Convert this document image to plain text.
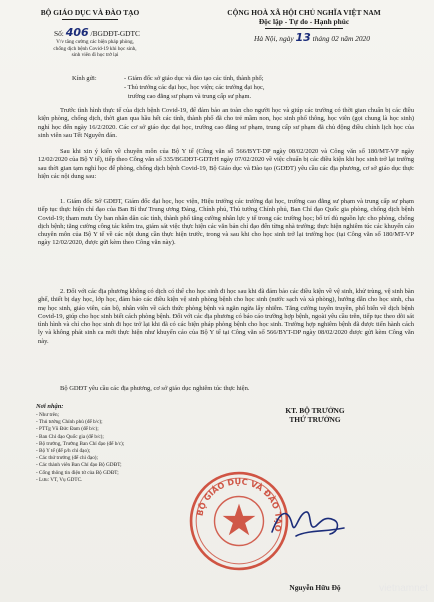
BỘ GIÁO DỤC VÀ ĐÀO TẠO
Số: 406 /BGDĐT-GDTC
V/v tăng cường các biện pháp phòng,
chống dịch bệnh Covid-19 khi học sinh,
sinh viên đi học trở lại
CỘNG HOÀ XÃ HỘI CHỦ NGHĨA VIỆT NAM
Độc lập - Tự do - Hạnh phúc
Hà Nội, ngày 13 tháng 02 năm 2020
Kính gửi:	- Giám đốc sở giáo dục và đào tạo các tỉnh, thành phố;
- Thủ trưởng các đại học, học viện; các trường đại học,
trường cao đẳng sư phạm và trung cấp sư phạm.

Trước tình hình thực tế của dịch bệnh Covid-19, để đảm bảo an toàn cho người học và giúp các trường có thời gian chuẩn bị các điều kiện phòng, chống dịch, thời gian qua hầu hết các tỉnh, thành phố đã cho trẻ mầm non, học sinh phổ thông, học viên (gọi chung là học sinh) nghỉ học đến ngày 16/2/2020. Các cơ sở giáo dục đại học, trường cao đẳng sư phạm, trung cấp sư phạm đã chủ động điều chỉnh lịch học của sinh viên sau Tết Nguyên đán.

Sau khi xin ý kiến về chuyên môn của Bộ Y tế (Công văn số 566/BYT-DP ngày 08/02/2020 và Công văn số 180/MT-VP ngày 12/02/2020 của Bộ Y tế), tiếp theo Công văn số 335/BGDĐT-GDTrH ngày 07/02/2020 về việc chuẩn bị các điều kiện khi học sinh trở lại trường sau thời gian tạm nghỉ học để phòng, chống dịch bệnh Covid-19, Bộ Giáo dục và Đào tạo (GDĐT) yêu cầu các địa phương, cơ sở giáo dục thực hiện các nội dung sau:

1. Giám đốc Sở GDĐT, Giám đốc đại học, học viện, Hiệu trưởng các trường đại học, trường cao đẳng sư phạm và trung cấp sư phạm tiếp tục thực hiện chỉ đạo của Ban Bí thư Trung ương Đảng, Chính phủ, Thủ tướng Chính phủ, Ban Chỉ đạo Quốc gia phòng, chống dịch bệnh Covid-19; tham mưu Ủy ban nhân dân các tỉnh, thành phố tăng cường nhân lực y tế trong các trường học; bố trí đủ nguồn lực cho phòng, chống dịch bệnh; tăng cường công tác kiểm tra, giám sát việc thực hiện các văn bản chỉ đạo đến từng nhà trường; thực hiện nghiêm túc các khuyến cáo chuyên môn của Bộ Y tế về các nội dung cần thực hiện trước, trong và sau khi cho học sinh trở lại trường học (tại Công văn số 180/MT-VP ngày 12/02/2020, được gửi kèm theo Công văn này).

2. Đối với các địa phương không có dịch có thể cho học sinh đi học sau khi đã đảm bảo các điều kiện về vệ sinh, khử trùng, vệ sinh bàn ghế, thiết bị dạy học, lớp học, đảm bảo các điều kiện vệ sinh phòng bệnh cho học sinh (nước sạch và xà phòng), hướng dẫn cho học sinh, cha mẹ học sinh, giáo viên, cán bộ, nhân viên về cách thức phòng bệnh và ngăn ngừa lây nhiễm. Tăng cường tuyên truyền, phổ biến về dịch bệnh Covid-19, giúp cho học sinh biết cách phòng bệnh. Đối với các địa phương có báo cáo trường hợp bệnh, ngoài yêu cầu trên, tiếp tục theo dõi sát tình hình và chỉ cho học sinh đi học trở lại khi đã có các biện pháp phòng bệnh cho học sinh. Trường hợp nghiêm bệnh đã được tiến hành cách ly và không phát sinh ca mới thực hiện như khuyến cáo của Bộ Y tế tại Công văn số 566/BYT-DP ngày 08/02/2020 được gửi kèm Công văn này.

Bộ GDĐT yêu cầu các địa phương, cơ sở giáo dục nghiêm túc thực hiện.

Nơi nhận:
- Như trên;
- Thủ tướng Chính phủ (để b/c);
- PTTg Vũ Đức Đam (để b/c);
- Ban Chỉ đạo Quốc gia (để b/c);
- Bộ trưởng, Trưởng Ban Chỉ đạo (để b/c);
- Bộ Y tế (để p/h chỉ đạo);
- Các thứ trưởng (để chỉ đạo);
- Các thành viên Ban Chỉ đạo Bộ GDĐT;
- Cổng thông tin điện tử của Bộ GDĐT;
- Lưu: VT, Vụ GDTC.
KT. BỘ TRƯỞNG
THỨ TRƯỞNG
BỘ GIÁO DỤC VÀ ĐÀO TẠO
Nguyễn Hữu Độ	vietnamnet
